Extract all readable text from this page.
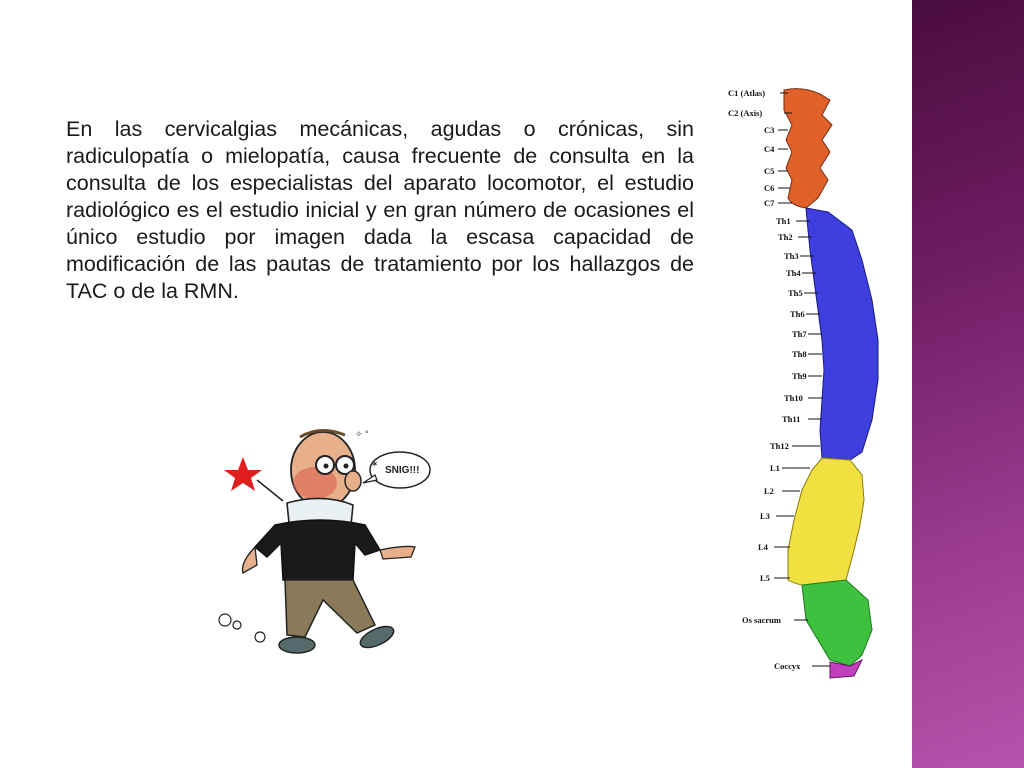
En las cervicalgias mecánicas, agudas o crónicas, sin radiculopatía o mielopatía, causa frecuente de consulta en la consulta de los especialistas del aparato locomotor, el estudio radiológico es el estudio inicial y en gran número de ocasiones el único estudio por imagen dada la escasa capacidad de modificación de las pautas de tratamiento por los hallazgos de TAC o de la RMN.

SNIG!!!
✧ °
✶
C1 (Atlas)
C2 (Axis)
C3
C4
C5
C6
C7
Th1
Th2
Th3
Th4
Th5
Th6
Th7
Th8
Th9
Th10
Th11
Th12
L1
L2
L3
L4
L5
Os sacrum
Coccyx
